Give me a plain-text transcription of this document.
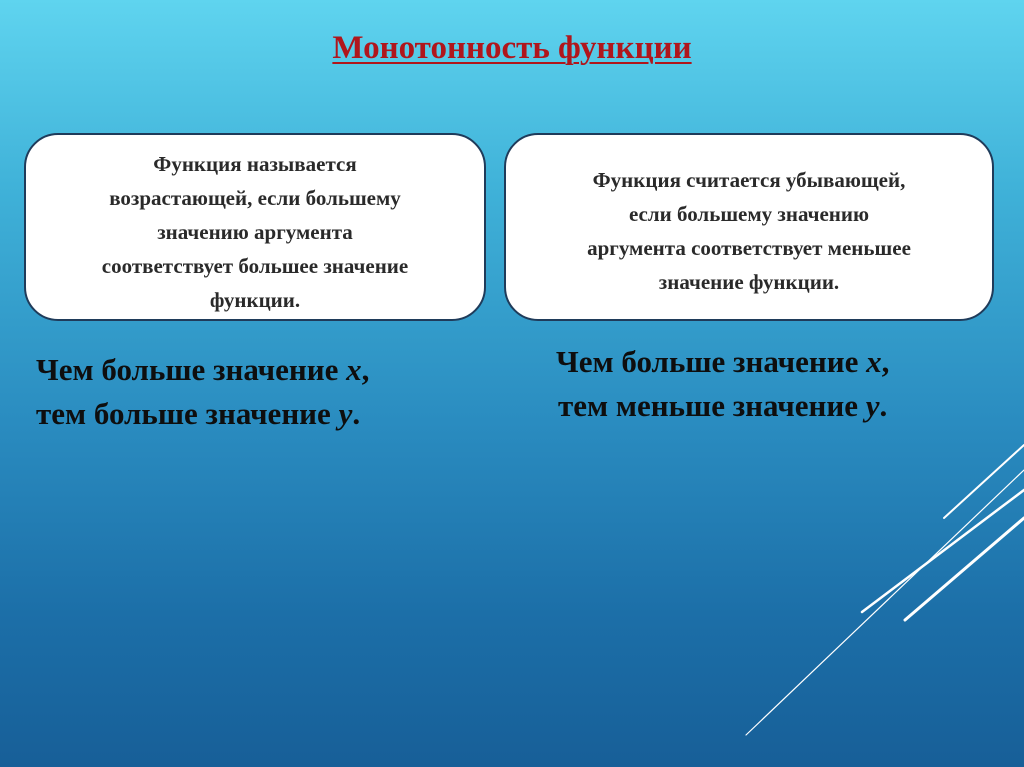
Монотонность функции
Функция называется
возрастающей, если большему
значению аргумента
соответствует большее значение
функции.
Функция считается убывающей,
если большему значению
аргумента соответствует меньшее
значение функции.
Чем больше значение x,
тем больше значение y.
Чем больше значение x,
тем меньше значение y.
